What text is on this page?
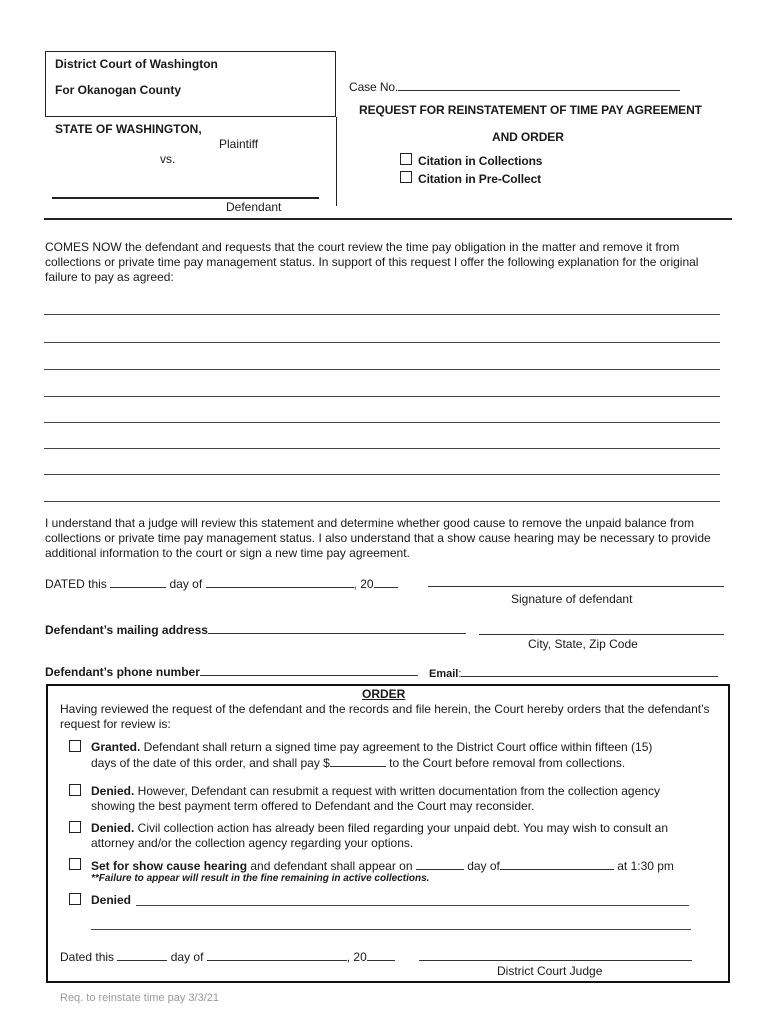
District Court of Washington
For Okanogan County
STATE OF WASHINGTON,
Plaintiff
vs.
Defendant
Case No.
REQUEST FOR REINSTATEMENT OF TIME PAY AGREEMENT
AND ORDER
Citation in Collections
Citation in Pre-Collect
COMES NOW the defendant and requests that the court review the time pay obligation in the matter and remove it from collections or private time pay management status. In support of this request I offer the following explanation for the original failure to pay as agreed:
I understand that a judge will review this statement and determine whether good cause to remove the unpaid balance from collections or private time pay management status. I also understand that a show cause hearing may be necessary to provide additional information to the court or sign a new time pay agreement.
DATED this	day of	, 20
Signature of defendant
Defendant’s mailing address
City, State, Zip Code
Defendant’s phone number	Email:
ORDER
Having reviewed the request of the defendant and the records and file herein, the Court hereby orders that the defendant’s request for review is:
Granted. Defendant shall return a signed time pay agreement to the District Court office within fifteen (15)
days of the date of this order, and shall pay $	to the Court before removal from collections.
Denied. However, Defendant can resubmit a request with written documentation from the collection agency
showing the best payment term offered to Defendant and the Court may reconsider.
Denied. Civil collection action has already been filed regarding your unpaid debt. You may wish to consult an
attorney and/or the collection agency regarding your options.
Set for show cause hearing and defendant shall appear on	day of	at 1:30 pm
**Failure to appear will result in the fine remaining in active collections.
Denied
Dated this	day of	, 20
District Court Judge
Req. to reinstate time pay 3/3/21
